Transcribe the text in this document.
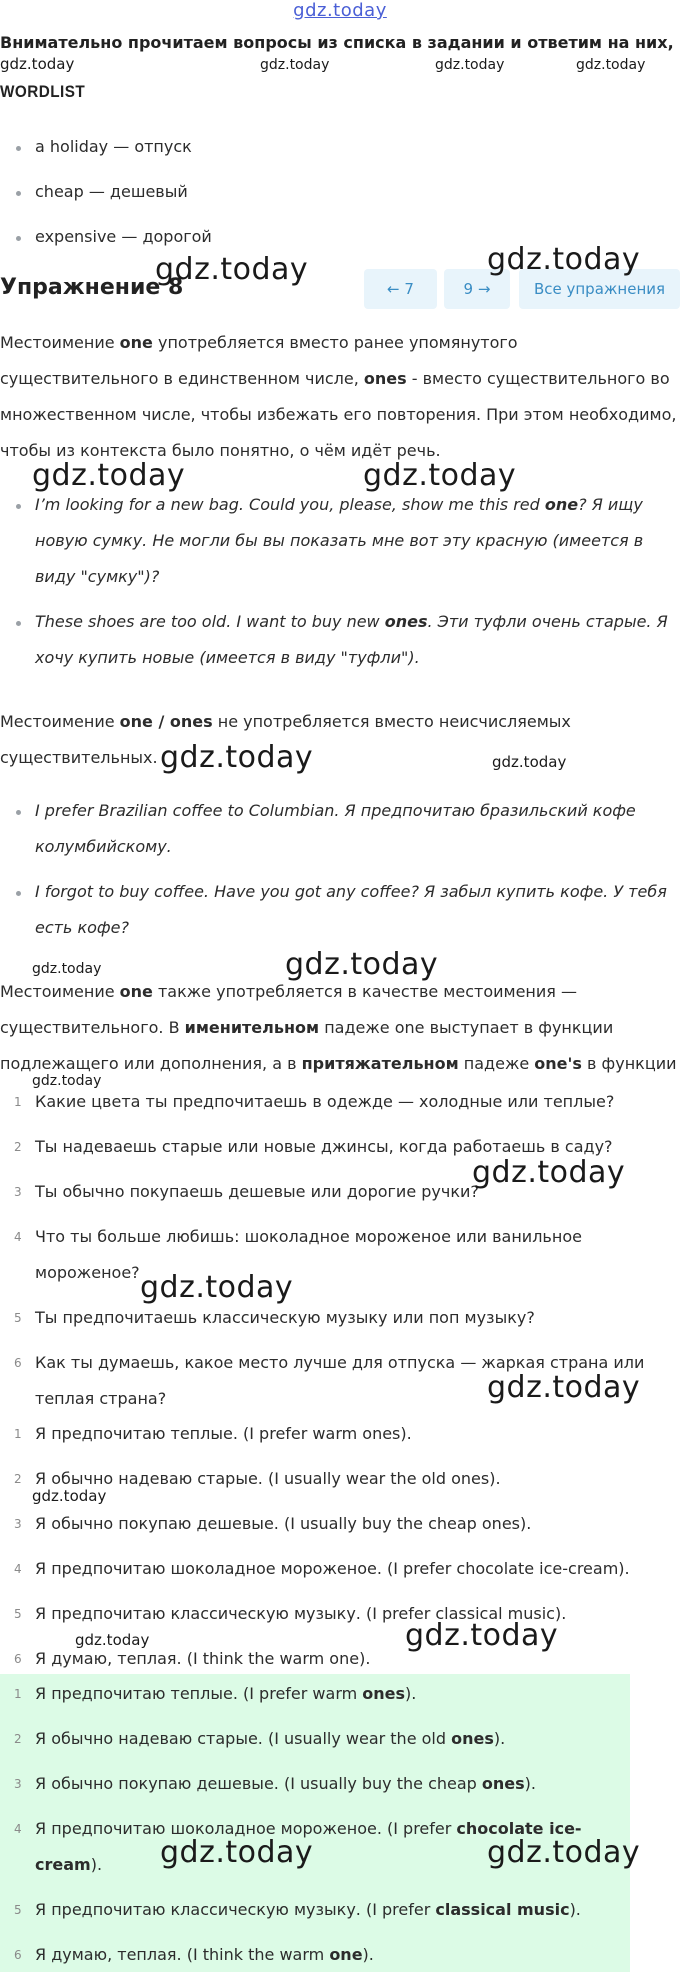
gdz.today
Внимательно прочитаем вопросы из списка в задании и ответим на них,
WORDLIST
a holiday — отпуск
cheap — дешевый
expensive — дорогой
Упражнение 8	← 7	9 →	Все упражнения

Местоимение one употребляется вместо ранее упомянутого существительного в единственном числе, ones - вместо существительного во множественном числе, чтобы избежать его повторения. При этом необходимо, чтобы из контекста было понятно, о чём идёт речь.

I’m looking for a new bag. Could you, please, show me this red one? Я ищу новую сумку. Не могли бы вы показать мне вот эту красную (имеется в виду "сумку")?
These shoes are too old. I want to buy new ones. Эти туфли очень старые. Я хочу купить новые (имеется в виду "туфли").

Местоимение one / ones не употребляется вместо неисчисляемых существительных.

I prefer Brazilian coffee to Columbian. Я предпочитаю бразильский кофе колумбийскому.
I forgot to buy coffee. Have you got any coffee? Я забыл купить кофе. У тебя есть кофе?

Местоимение one также употребляется в качестве местоимения — существительного. В именительном падеже one выступает в функции подлежащего или дополнения, а в притяжательном падеже one's в функции

1 Какие цвета ты предпочитаешь в одежде — холодные или теплые?
2 Ты надеваешь старые или новые джинсы, когда работаешь в саду?
3 Ты обычно покупаешь дешевые или дорогие ручки?
4 Что ты больше любишь: шоколадное мороженое или ванильное мороженое?
5 Ты предпочитаешь классическую музыку или поп музыку?
6 Как ты думаешь, какое место лучше для отпуска — жаркая страна или теплая страна?
1 Я предпочитаю теплые. (I prefer warm ones).
2 Я обычно надеваю старые. (I usually wear the old ones).
3 Я обычно покупаю дешевые. (I usually buy the cheap ones).
4 Я предпочитаю шоколадное мороженое. (I prefer chocolate ice-cream).
5 Я предпочитаю классическую музыку. (I prefer classical music).
6 Я думаю, теплая. (I think the warm one).
1 Я предпочитаю теплые. (I prefer warm ones).
2 Я обычно надеваю старые. (I usually wear the old ones).
3 Я обычно покупаю дешевые. (I usually buy the cheap ones).
4 Я предпочитаю шоколадное мороженое. (I prefer chocolate ice-cream).
5 Я предпочитаю классическую музыку. (I prefer classical music).
6 Я думаю, теплая. (I think the warm one).
gdz.today	gdz.today	gdz.today	gdz.today
gdz.today	gdz.today
gdz.today	gdz.today
gdz.today	gdz.today
gdz.today	gdz.today
gdz.today
gdz.today
gdz.today
gdz.today
gdz.today
gdz.today	gdz.today
gdz.today	gdz.today
